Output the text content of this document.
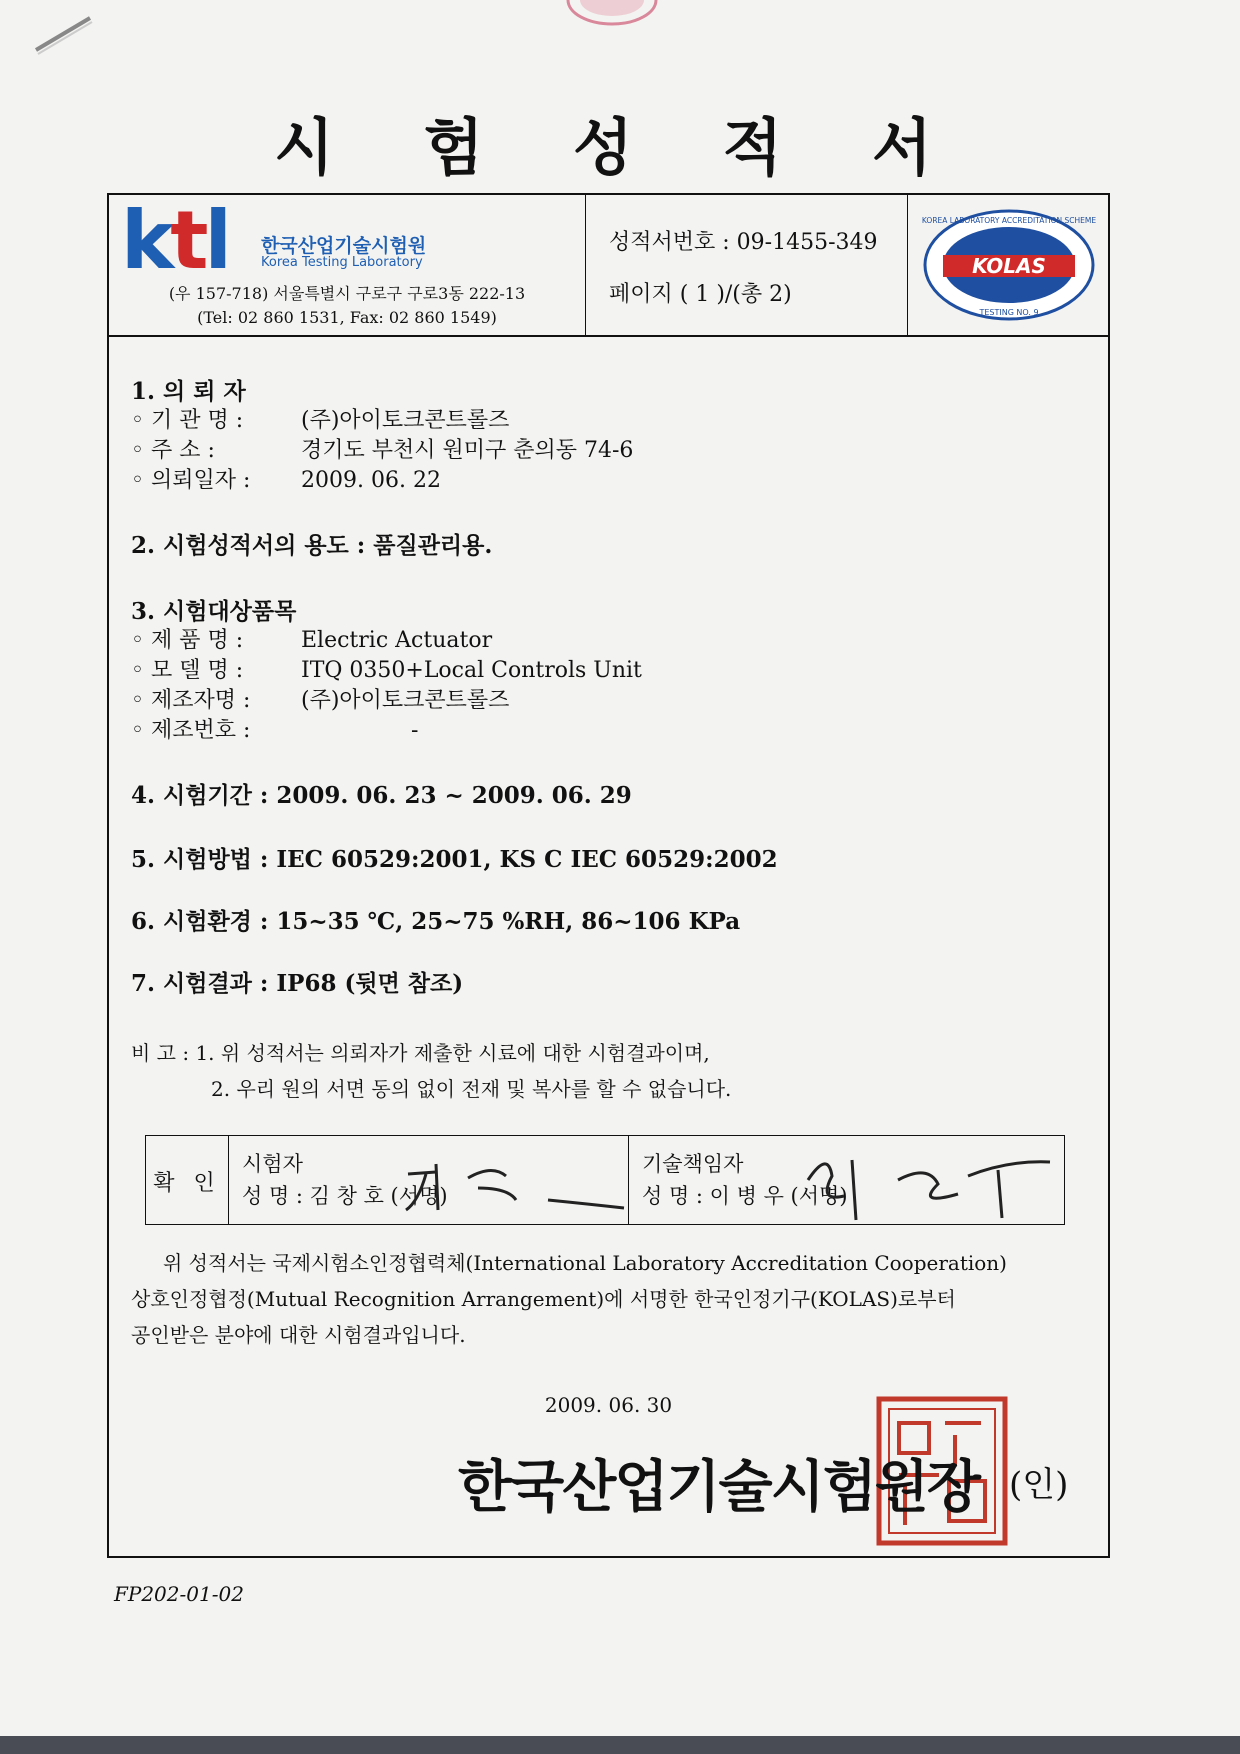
시 험 성 적 서
ktl 한국산업기술시험원
Korea Testing Laboratory
(우 157-718) 서울특별시 구로구 구로3동 222-13
(Tel: 02 860 1531, Fax: 02 860 1549)
성적서번호 : 09-1455-349
페이지 ( 1 )/(총 2)
KOLAS
KOREA LABORATORY ACCREDITATION SCHEME
TESTING NO. 9
1. 의 뢰 자
◦ 기 관 명 :	(주)아이토크콘트롤즈
◦ 주 소 :	경기도 부천시 원미구 춘의동 74-6
◦ 의뢰일자 : 2009. 06. 22
2. 시험성적서의 용도 : 품질관리용.
3. 시험대상품목
◦ 제 품 명 :	Electric Actuator
◦ 모 델 명 :	ITQ 0350+Local Controls Unit
◦ 제조자명 : (주)아이토크콘트롤즈
◦ 제조번호 :	-
4. 시험기간 : 2009. 06. 23 ~ 2009. 06. 29
5. 시험방법 : IEC 60529:2001, KS C IEC 60529:2002
6. 시험환경 : 15~35 ℃, 25~75 %RH, 86~106 KPa
7. 시험결과 : IP68 (뒷면 참조)
비 고 : 1. 위 성적서는 의뢰자가 제출한 시료에 대한 시험결과이며,
2. 우리 원의 서면 동의 없이 전재 및 복사를 할 수 없습니다.
확 인
시험자
성 명 : 김 창 호 (서명)
기술책임자
성 명 : 이 병 우 (서명)
위 성적서는 국제시험소인정협력체(International Laboratory Accreditation Cooperation)
상호인정협정(Mutual Recognition Arrangement)에 서명한 한국인정기구(KOLAS)로부터
공인받은 분야에 대한 시험결과입니다.
2009. 06. 30
한국산업기술시험원장 (인)
FP202-01-02
